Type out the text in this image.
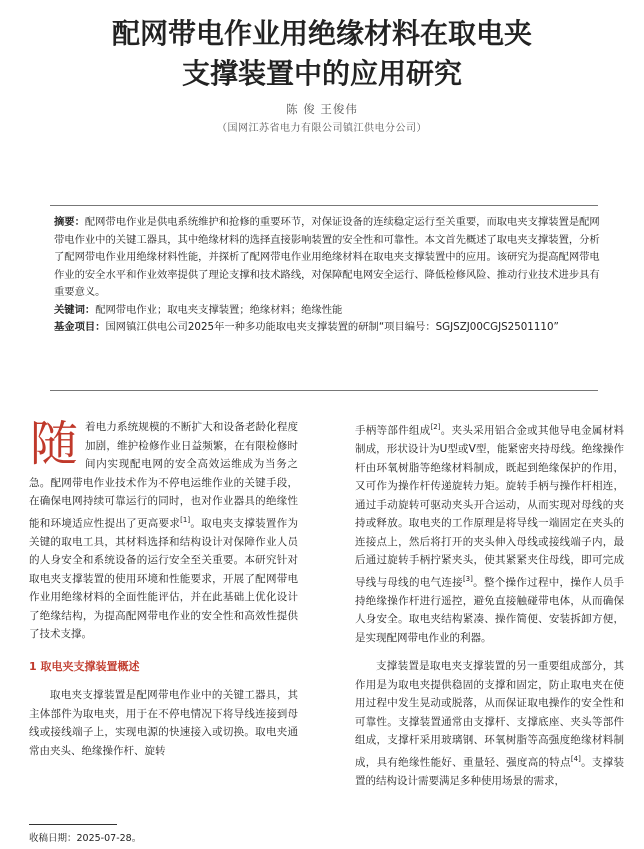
配网带电作业用绝缘材料在取电夹
支撑装置中的应用研究
陈 俊 王俊伟
（国网江苏省电力有限公司镇江供电分公司）

摘要：配网带电作业是供电系统维护和抢修的重要环节，对保证设备的连续稳定运行至关重要，而取电夹支撑装置是配网带电作业中的关键工器具，其中绝缘材料的选择直接影响装置的安全性和可靠性。本文首先概述了取电夹支撑装置，分析了配网带电作业用绝缘材料性能，并探析了配网带电作业用绝缘材料在取电夹支撑装置中的应用。该研究为提高配网带电作业的安全水平和作业效率提供了理论支撑和技术路线，对保障配电网安全运行、降低检修风险、推动行业技术进步具有重要意义。

关键词：配网带电作业；取电夹支撑装置；绝缘材料；绝缘性能

基金项目：国网镇江供电公司2025年一种多功能取电夹支撑装置的研制“项目编号：SGJSZJ00CGJS2501110”

随着电力系统规模的不断扩大和设备老龄化程度加剧，维护检修作业日益频繁，在有限检修时间内实现配电网的安全高效运维成为当务之急。配网带电作业技术作为不停电运维作业的关键手段，在确保电网持续可靠运行的同时，也对作业器具的绝缘性能和环境适应性提出了更高要求[1]。取电夹支撑装置作为关键的取电工具，其材料选择和结构设计对保障作业人员的人身安全和系统设备的运行安全至关重要。本研究针对取电夹支撑装置的使用环境和性能要求，开展了配网带电作业用绝缘材料的全面性能评估，并在此基础上优化设计了绝缘结构，为提高配网带电作业的安全性和高效性提供了技术支撑。

1 取电夹支撑装置概述

取电夹支撑装置是配网带电作业中的关键工器具，其主体部件为取电夹，用于在不停电情况下将导线连接到母线或接线端子上，实现电源的快速接入或切换。取电夹通常由夹头、绝缘操作杆、旋转

手柄等部件组成[2]。夹头采用铝合金或其他导电金属材料制成，形状设计为U型或V型，能紧密夹持母线。绝缘操作杆由环氧树脂等绝缘材料制成，既起到绝缘保护的作用，又可作为操作杆传递旋转力矩。旋转手柄与操作杆相连，通过手动旋转可驱动夹头开合运动，从而实现对母线的夹持或释放。取电夹的工作原理是将导线一端固定在夹头的连接点上，然后将打开的夹头伸入母线或接线端子内，最后通过旋转手柄拧紧夹头，使其紧紧夹住母线，即可完成导线与母线的电气连接[3]。整个操作过程中，操作人员手持绝缘操作杆进行遥控，避免直接触碰带电体，从而确保人身安全。取电夹结构紧凑、操作简便、安装拆卸方便，是实现配网带电作业的利器。

支撑装置是取电夹支撑装置的另一重要组成部分，其作用是为取电夹提供稳固的支撑和固定，防止取电夹在使用过程中发生晃动或脱落，从而保证取电操作的安全性和可靠性。支撑装置通常由支撑杆、支撑底座、夹头等部件组成，支撑杆采用玻璃钢、环氧树脂等高强度绝缘材料制成，具有绝缘性能好、重量轻、强度高的特点[4]。支撑装置的结构设计需要满足多种使用场景的需求，

收稿日期：2025-07-28。
